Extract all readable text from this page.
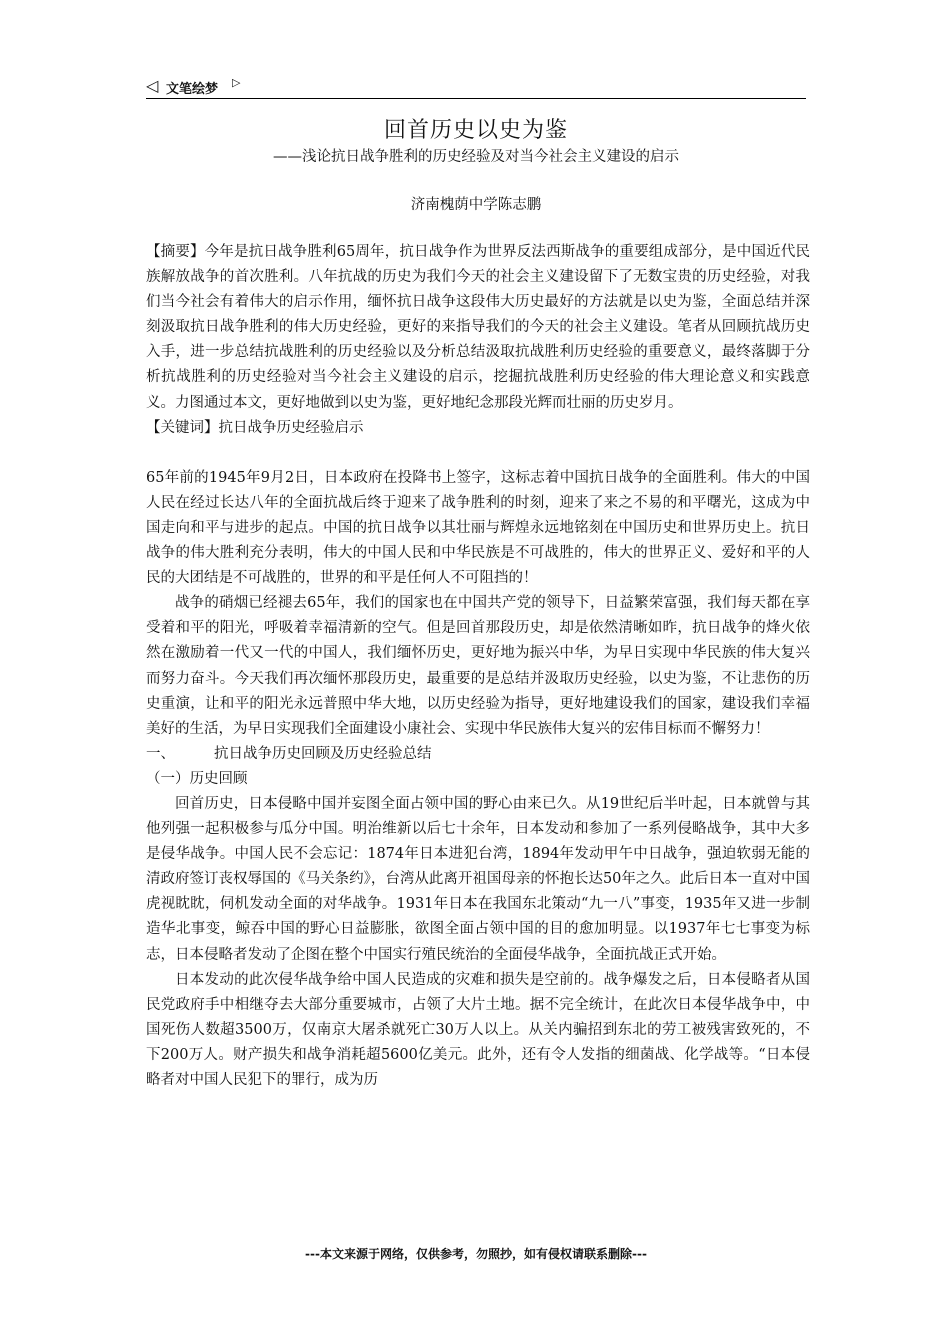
◁ 文笔绘梦 ▷
回首历史以史为鉴
——浅论抗日战争胜利的历史经验及对当今社会主义建设的启示
济南槐荫中学陈志鹏

【摘要】今年是抗日战争胜利65周年，抗日战争作为世界反法西斯战争的重要组成部分，是中国近代民族解放战争的首次胜利。八年抗战的历史为我们今天的社会主义建设留下了无数宝贵的历史经验，对我们当今社会有着伟大的启示作用，缅怀抗日战争这段伟大历史最好的方法就是以史为鉴，全面总结并深刻汲取抗日战争胜利的伟大历史经验，更好的来指导我们的今天的社会主义建设。笔者从回顾抗战历史入手，进一步总结抗战胜利的历史经验以及分析总结汲取抗战胜利历史经验的重要意义，最终落脚于分析抗战胜利的历史经验对当今社会主义建设的启示，挖掘抗战胜利历史经验的伟大理论意义和实践意义。力图通过本文，更好地做到以史为鉴，更好地纪念那段光辉而壮丽的历史岁月。

【关键词】抗日战争历史经验启示

65年前的1945年9月2日，日本政府在投降书上签字，这标志着中国抗日战争的全面胜利。伟大的中国人民在经过长达八年的全面抗战后终于迎来了战争胜利的时刻，迎来了来之不易的和平曙光，这成为中国走向和平与进步的起点。中国的抗日战争以其壮丽与辉煌永远地铭刻在中国历史和世界历史上。抗日战争的伟大胜利充分表明，伟大的中国人民和中华民族是不可战胜的，伟大的世界正义、爱好和平的人民的大团结是不可战胜的，世界的和平是任何人不可阻挡的！

战争的硝烟已经褪去65年，我们的国家也在中国共产党的领导下，日益繁荣富强，我们每天都在享受着和平的阳光，呼吸着幸福清新的空气。但是回首那段历史，却是依然清晰如昨，抗日战争的烽火依然在激励着一代又一代的中国人，我们缅怀历史，更好地为振兴中华，为早日实现中华民族的伟大复兴而努力奋斗。今天我们再次缅怀那段历史，最重要的是总结并汲取历史经验，以史为鉴，不让悲伤的历史重演，让和平的阳光永远普照中华大地，以历史经验为指导，更好地建设我们的国家，建设我们幸福美好的生活，为早日实现我们全面建设小康社会、实现中华民族伟大复兴的宏伟目标而不懈努力！

一、	抗日战争历史回顾及历史经验总结

（一）历史回顾

回首历史，日本侵略中国并妄图全面占领中国的野心由来已久。从19世纪后半叶起，日本就曾与其他列强一起积极参与瓜分中国。明治维新以后七十余年，日本发动和参加了一系列侵略战争，其中大多是侵华战争。中国人民不会忘记：1874年日本进犯台湾，1894年发动甲午中日战争，强迫软弱无能的清政府签订丧权辱国的《马关条约》，台湾从此离开祖国母亲的怀抱长达50年之久。此后日本一直对中国虎视眈眈，伺机发动全面的对华战争。1931年日本在我国东北策动“九一八”事变，1935年又进一步制造华北事变，鲸吞中国的野心日益膨胀，欲图全面占领中国的目的愈加明显。以1937年七七事变为标志，日本侵略者发动了企图在整个中国实行殖民统治的全面侵华战争，全面抗战正式开始。

日本发动的此次侵华战争给中国人民造成的灾难和损失是空前的。战争爆发之后，日本侵略者从国民党政府手中相继夺去大部分重要城市，占领了大片土地。据不完全统计，在此次日本侵华战争中，中国死伤人数超3500万，仅南京大屠杀就死亡30万人以上。从关内骗招到东北的劳工被残害致死的，不下200万人。财产损失和战争消耗超5600亿美元。此外，还有令人发指的细菌战、化学战等。“日本侵略者对中国人民犯下的罪行，成为历

---本文来源于网络，仅供参考，勿照抄，如有侵权请联系删除---
